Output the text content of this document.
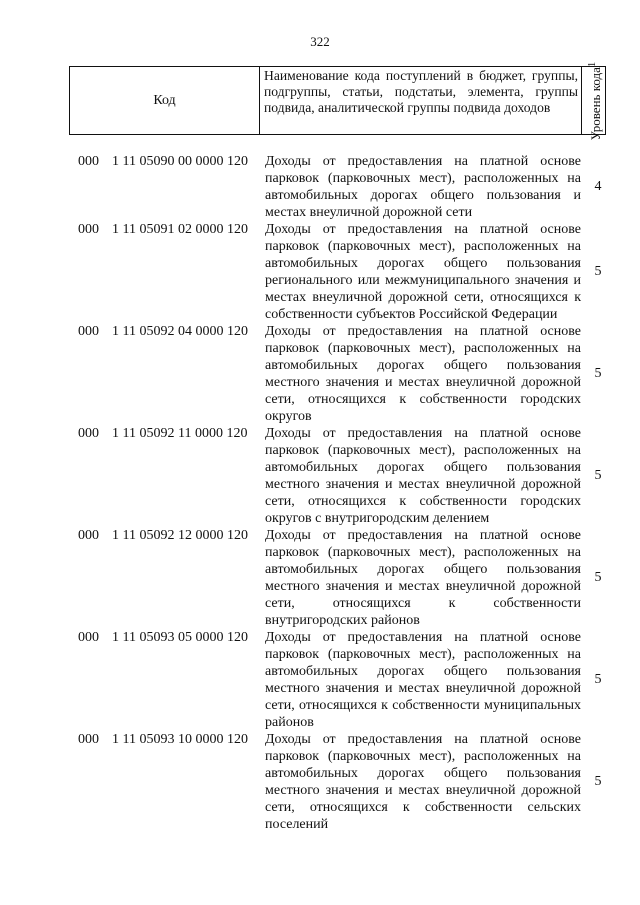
322
Код
Наименование кода поступлений в бюджет, группы, подгруппы, статьи, подстатьи, элемента, группы подвида, аналитической группы подвида доходов	Уровень кода$^1$
000 1 11 05090 00 0000 120 Доходы от предоставления на платной основе парковок (парковочных мест), расположенных на автомобильных дорогах общего пользования и местах внеуличной дорожной сети
4
000 1 11 05091 02 0000 120 Доходы от предоставления на платной основе парковок (парковочных мест), расположенных на автомобильных дорогах общего пользования регионального или межмуниципального значения и местах внеуличной дорожной сети, относящихся к собственности субъектов Российской Федерации
5
000 1 11 05092 04 0000 120 Доходы от предоставления на платной основе парковок (парковочных мест), расположенных на автомобильных дорогах общего пользования местного значения и местах внеуличной дорожной сети, относящихся к собственности городских округов
5
000 1 11 05092 11 0000 120 Доходы от предоставления на платной основе парковок (парковочных мест), расположенных на автомобильных дорогах общего пользования местного значения и местах внеуличной дорожной сети, относящихся к собственности городских округов с внутригородским делением
5
000 1 11 05092 12 0000 120 Доходы от предоставления на платной основе парковок (парковочных мест), расположенных на автомобильных дорогах общего пользования местного значения и местах внеуличной дорожной сети, относящихся к собственности внутригородских районов
5
000 1 11 05093 05 0000 120 Доходы от предоставления на платной основе парковок (парковочных мест), расположенных на автомобильных дорогах общего пользования местного значения и местах внеуличной дорожной сети, относящихся к собственности муниципальных районов
5
000 1 11 05093 10 0000 120 Доходы от предоставления на платной основе парковок (парковочных мест), расположенных на автомобильных дорогах общего пользования местного значения и местах внеуличной дорожной сети, относящихся к собственности сельских поселений
5
